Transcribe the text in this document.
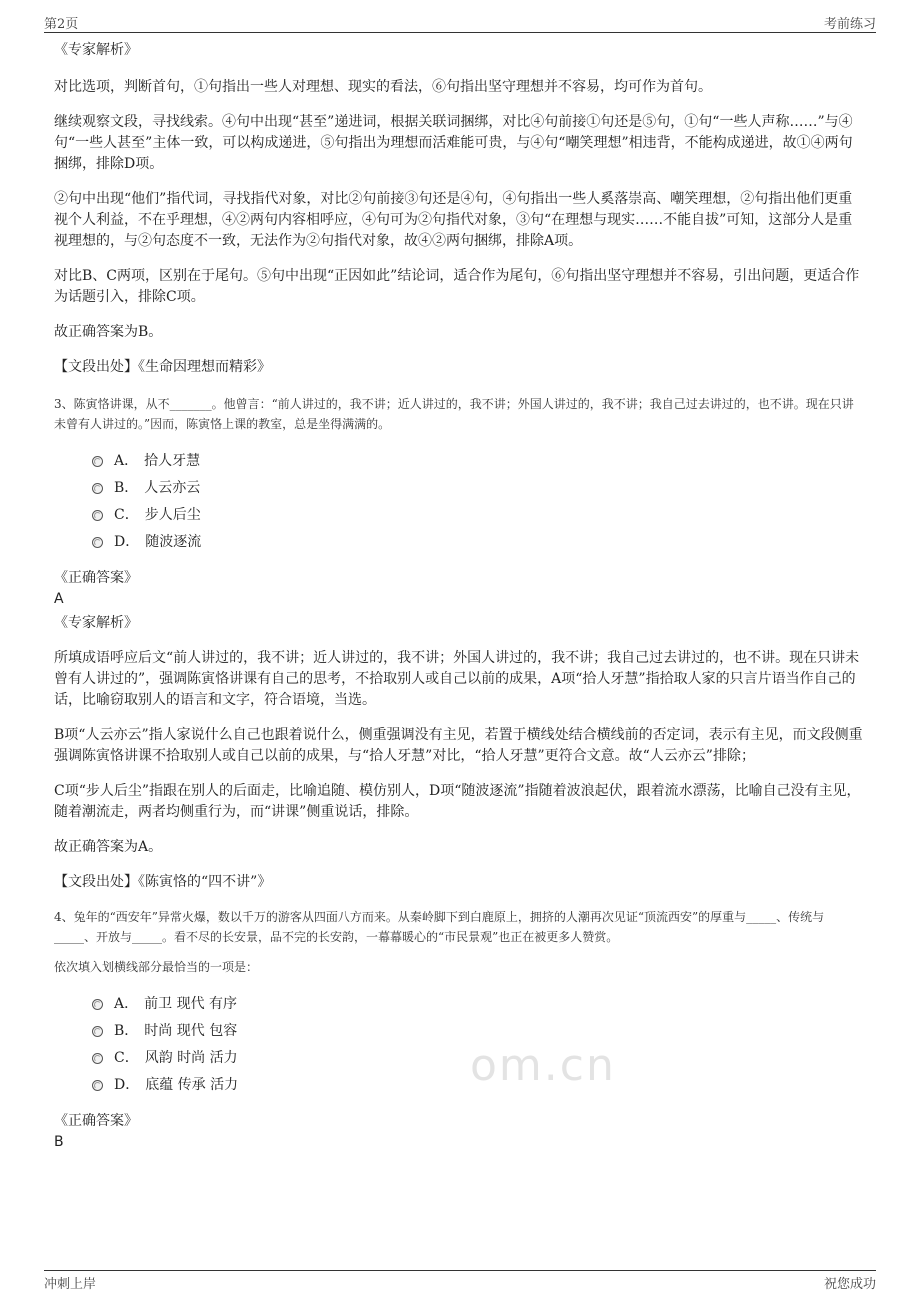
第2页	考前练习
om.cn

《专家解析》

对比选项，判断首句，①句指出一些人对理想、现实的看法，⑥句指出坚守理想并不容易，均可作为首句。

继续观察文段，寻找线索。④句中出现“甚至”递进词，根据关联词捆绑，对比④句前接①句还是⑤句，①句“一些人声称……”与④句“一些人甚至”主体一致，可以构成递进，⑤句指出为理想而活难能可贵，与④句“嘲笑理想”相违背，不能构成递进，故①④两句捆绑，排除D项。

②句中出现“他们”指代词，寻找指代对象，对比②句前接③句还是④句，④句指出一些人奚落崇高、嘲笑理想，②句指出他们更重视个人利益，不在乎理想，④②两句内容相呼应，④句可为②句指代对象，③句“在理想与现实……不能自拔”可知，这部分人是重视理想的，与②句态度不一致，无法作为②句指代对象，故④②两句捆绑，排除A项。

对比B、C两项，区别在于尾句。⑤句中出现“正因如此”结论词，适合作为尾句，⑥句指出坚守理想并不容易，引出问题，更适合作为话题引入，排除C项。

故正确答案为B。

【文段出处】《生命因理想而精彩》

3、陈寅恪讲课，从不_______。他曾言：“前人讲过的，我不讲；近人讲过的，我不讲；外国人讲过的，我不讲；我自己过去讲过的，也不讲。现在只讲未曾有人讲过的。”因而，陈寅恪上课的教室，总是坐得满满的。

A． 拾人牙慧
B． 人云亦云
C． 步人后尘
D． 随波逐流

《正确答案》

A

《专家解析》

所填成语呼应后文“前人讲过的，我不讲；近人讲过的，我不讲；外国人讲过的，我不讲；我自己过去讲过的，也不讲。现在只讲未曾有人讲过的”，强调陈寅恪讲课有自己的思考，不拾取别人或自己以前的成果，A项“拾人牙慧”指拾取人家的只言片语当作自己的话，比喻窃取别人的语言和文字，符合语境，当选。

B项“人云亦云”指人家说什么自己也跟着说什么，侧重强调没有主见，若置于横线处结合横线前的否定词，表示有主见，而文段侧重强调陈寅恪讲课不拾取别人或自己以前的成果，与“拾人牙慧”对比，“拾人牙慧”更符合文意。故“人云亦云”排除；

C项“步人后尘”指跟在别人的后面走，比喻追随、模仿别人，D项“随波逐流”指随着波浪起伏，跟着流水漂荡，比喻自己没有主见，随着潮流走，两者均侧重行为，而“讲课”侧重说话，排除。

故正确答案为A。

【文段出处】《陈寅恪的“四不讲”》

4、兔年的“西安年”异常火爆，数以千万的游客从四面八方而来。从秦岭脚下到白鹿原上，拥挤的人潮再次见证“顶流西安”的厚重与_____、传统与_____、开放与_____。看不尽的长安景，品不完的长安韵，一幕幕暖心的“市民景观”也正在被更多人赞赏。

依次填入划横线部分最恰当的一项是：

A． 前卫 现代 有序
B． 时尚 现代 包容
C． 风韵 时尚 活力
D． 底蕴 传承 活力

《正确答案》

B

冲刺上岸	祝您成功
